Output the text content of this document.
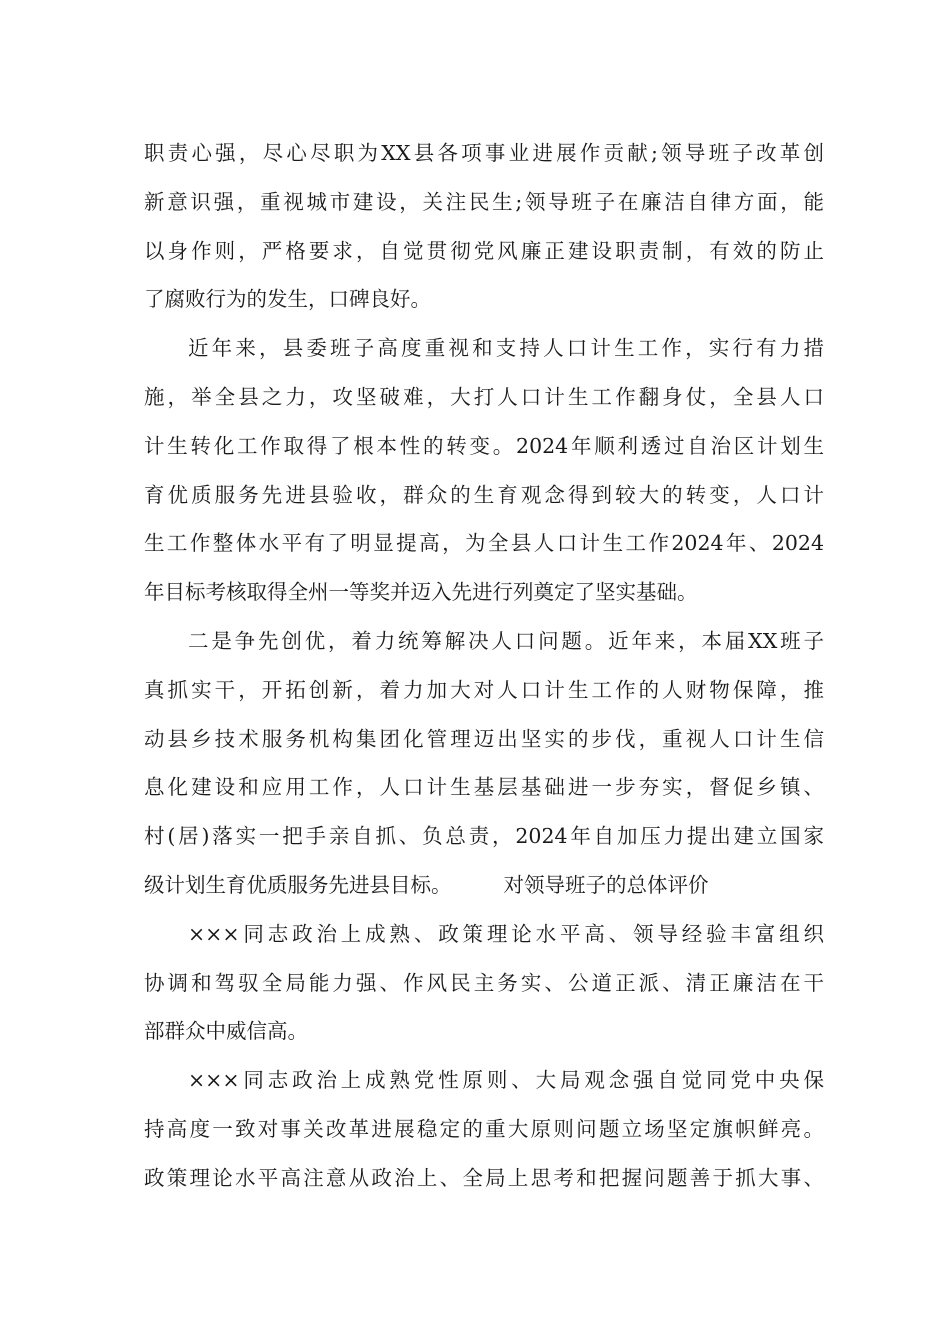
职责心强，尽心尽职为XX县各项事业进展作贡献;领导班子改革创
新意识强，重视城市建设，关注民生;领导班子在廉洁自律方面，能
以身作则，严格要求，自觉贯彻党风廉正建设职责制，有效的防止
了腐败行为的发生，口碑良好。
近年来，县委班子高度重视和支持人口计生工作，实行有力措
施，举全县之力，攻坚破难，大打人口计生工作翻身仗，全县人口
计生转化工作取得了根本性的转变。2024年顺利透过自治区计划生
育优质服务先进县验收，群众的生育观念得到较大的转变，人口计
生工作整体水平有了明显提高，为全县人口计生工作2024年、2024
年目标考核取得全州一等奖并迈入先进行列奠定了坚实基础。
二是争先创优，着力统筹解决人口问题。近年来，本届XX班子
真抓实干，开拓创新，着力加大对人口计生工作的人财物保障，推
动县乡技术服务机构集团化管理迈出坚实的步伐，重视人口计生信
息化建设和应用工作，人口计生基层基础进一步夯实，督促乡镇、
村(居)落实一把手亲自抓、负总责，2024年自加压力提出建立国家
级计划生育优质服务先进县目标。	对领导班子的总体评价
×××同志政治上成熟、政策理论水平高、领导经验丰富组织
协调和驾驭全局能力强、作风民主务实、公道正派、清正廉洁在干
部群众中威信高。
×××同志政治上成熟党性原则、大局观念强自觉同党中央保
持高度一致对事关改革进展稳定的重大原则问题立场坚定旗帜鲜亮。
政策理论水平高注意从政治上、全局上思考和把握问题善于抓大事、
